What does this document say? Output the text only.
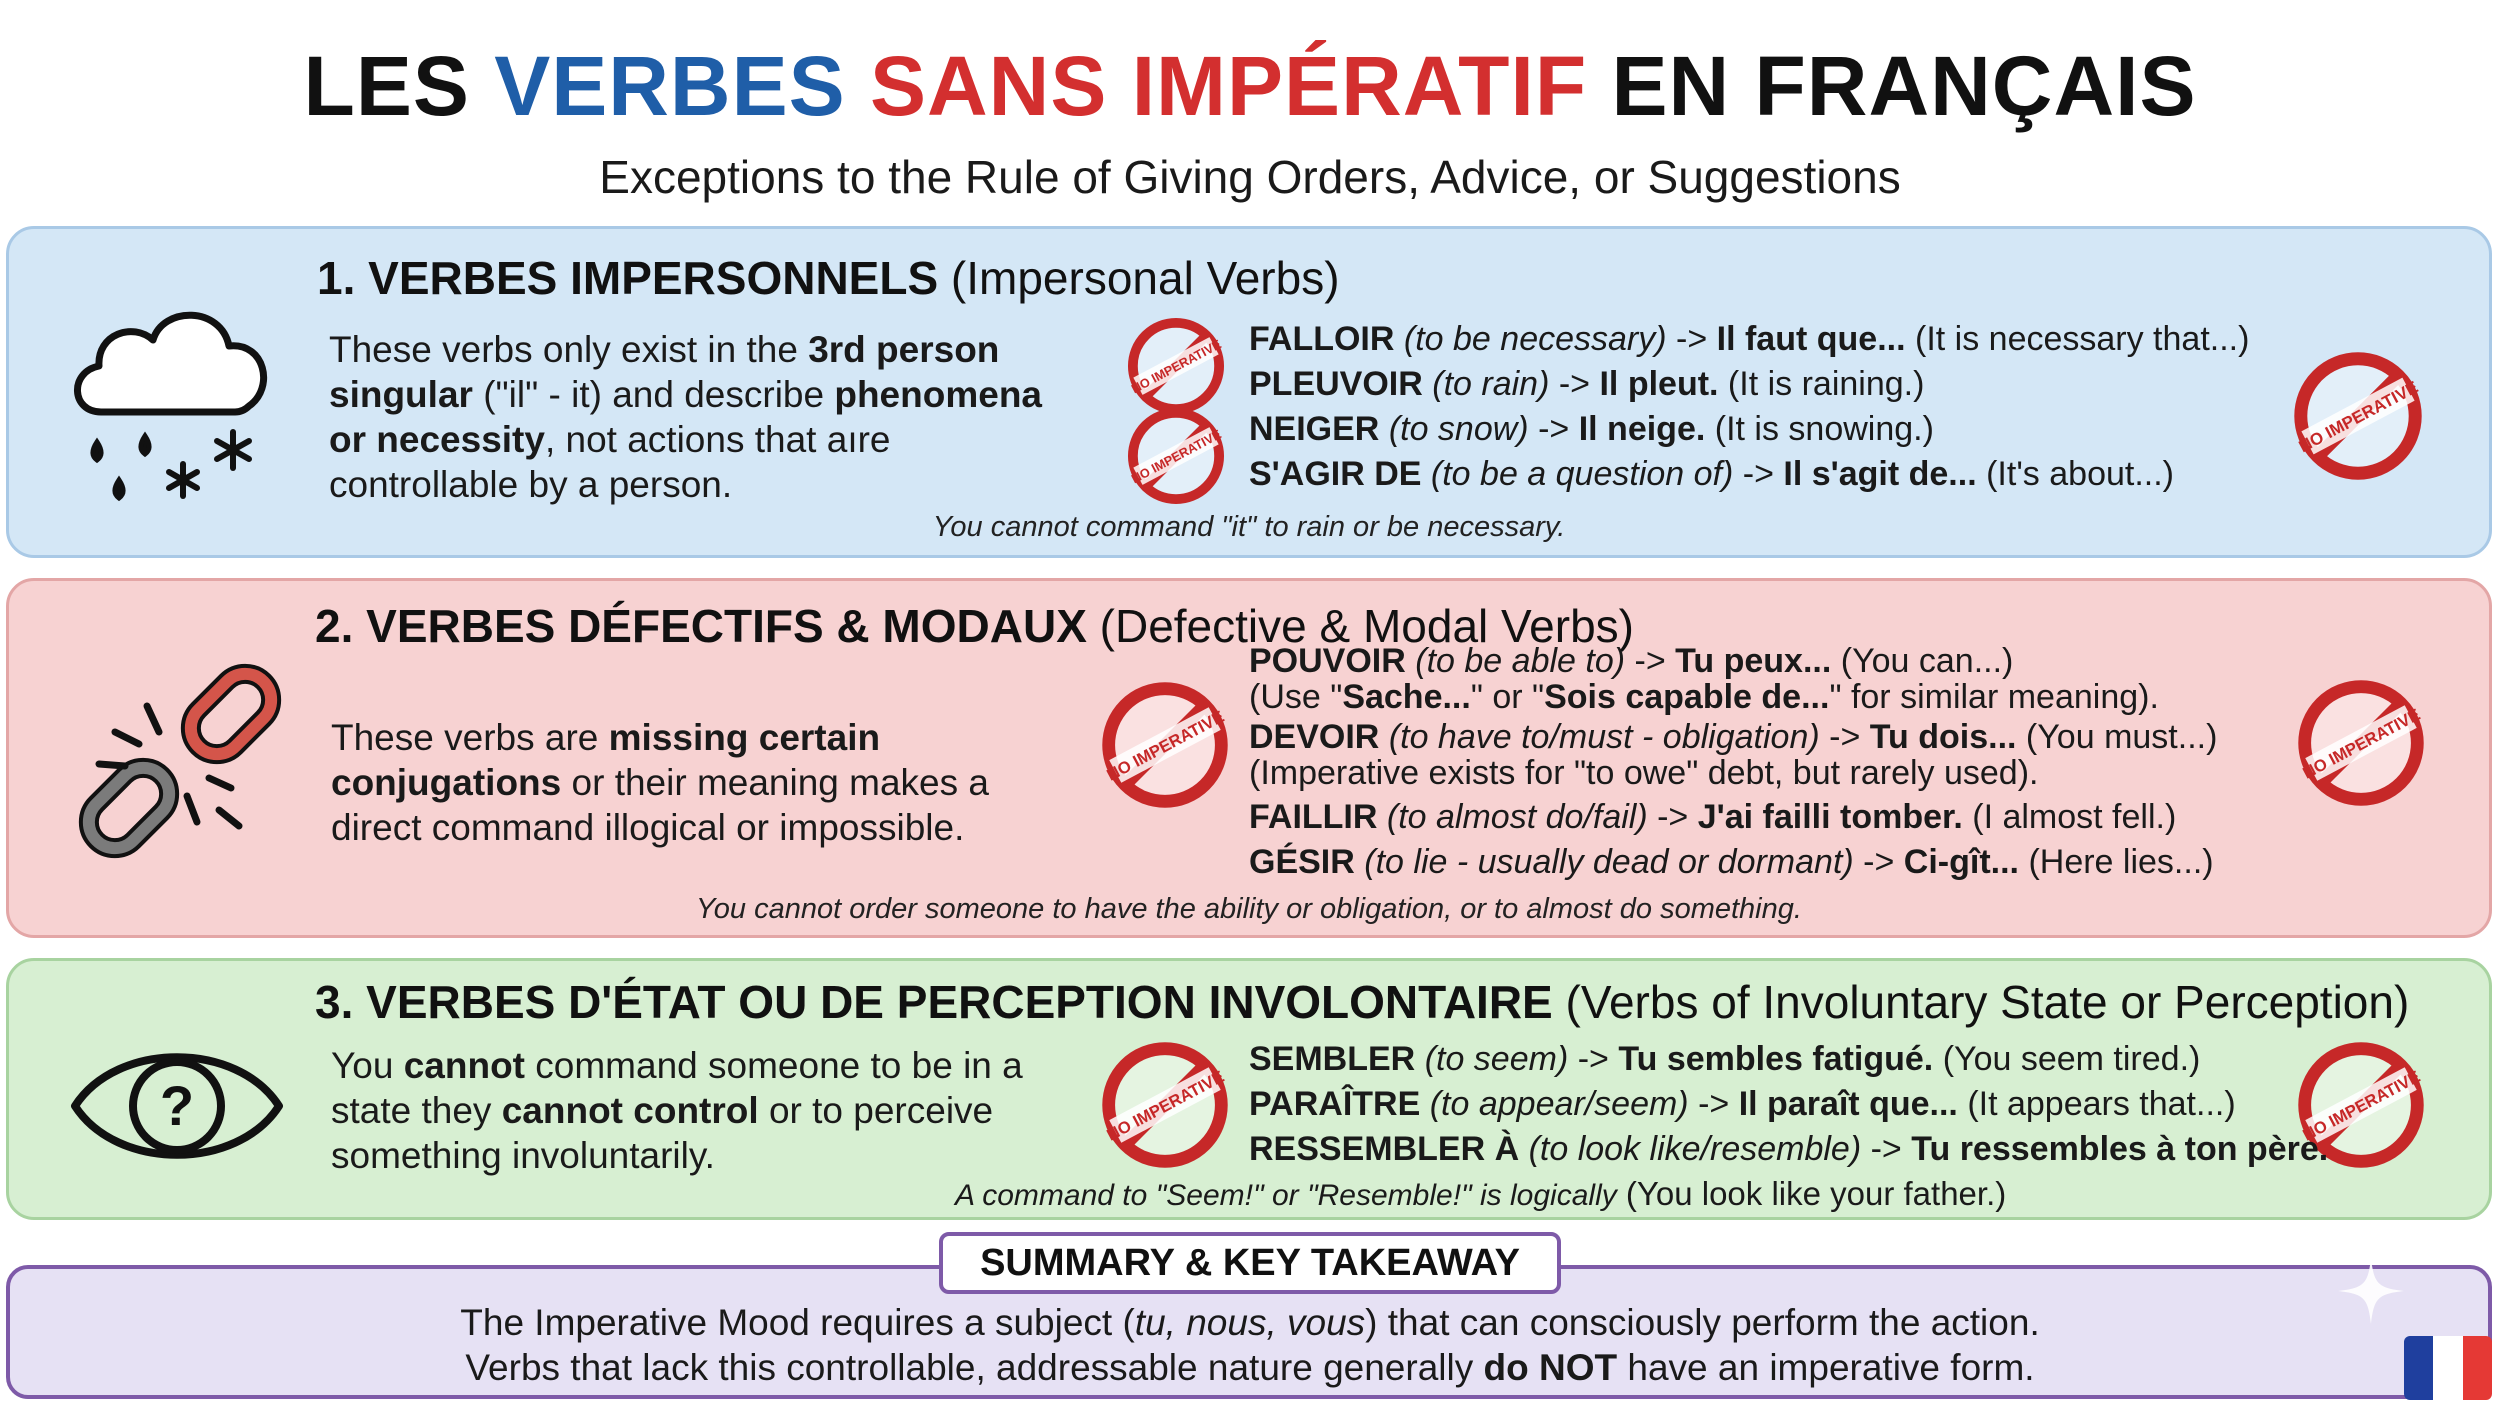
LES VERBES SANS IMPÉRATIF EN FRANÇAIS
Exceptions to the Rule of Giving Orders, Advice, or Suggestions
1. VERBES IMPERSONNELS (Impersonal Verbs)
These verbs only exist in the 3rd person singular ("il" - it) and describe phenomena or necessity, not actions that aıre controllable by a person.
FALLOIR (to be necessary) -> Il faut que... (It is necessary that...)
PLEUVOIR (to rain) -> Il pleut. (It is raining.)
NEIGER (to snow) -> Il neige. (It is snowing.)
S'AGIR DE (to be a question of) -> Il s'agit de... (It's about...)
You cannot command "it" to rain or be necessary.
2. VERBES DÉFECTIFS & MODAUX (Defective & Modal Verbs)
These verbs are missing certain conjugations or their meaning makes a direct command illogical or impossible.
POUVOIR (to be able to) -> Tu peux... (You can...)
(Use "Sache..." or "Sois capable de..." for similar meaning).
DEVOIR (to have to/must - obligation) -> Tu dois... (You must...)
(Imperative exists for "to owe" debt, but rarely used).
FAILLIR (to almost do/fail) -> J'ai failli tomber. (I almost fell.)
GÉSIR (to lie - usually dead or dormant) -> Ci-gît... (Here lies...)
You cannot order someone to have the ability or obligation, or to almost do something.
3. VERBES D'ÉTAT OU DE PERCEPTION INVOLONTAIRE (Verbs of Involuntary State or Perception)
?
You cannot command someone to be in a state they cannot control or to perceive something involuntarily.
SEMBLER (to seem) -> Tu sembles fatigué. (You seem tired.)
PARAÎTRE (to appear/seem) -> Il paraît que... (It appears that...)
RESSEMBLER À (to look like/resemble) -> Tu ressembles à ton père.
A command to "Seem!" or "Resemble!" is logically (You look like your father.)
SUMMARY & KEY TAKEAWAY
The Imperative Mood requires a subject (tu, nous, vous) that can consciously perform the action.
Verbs that lack this controllable, addressable nature generally do NOT have an imperative form.
